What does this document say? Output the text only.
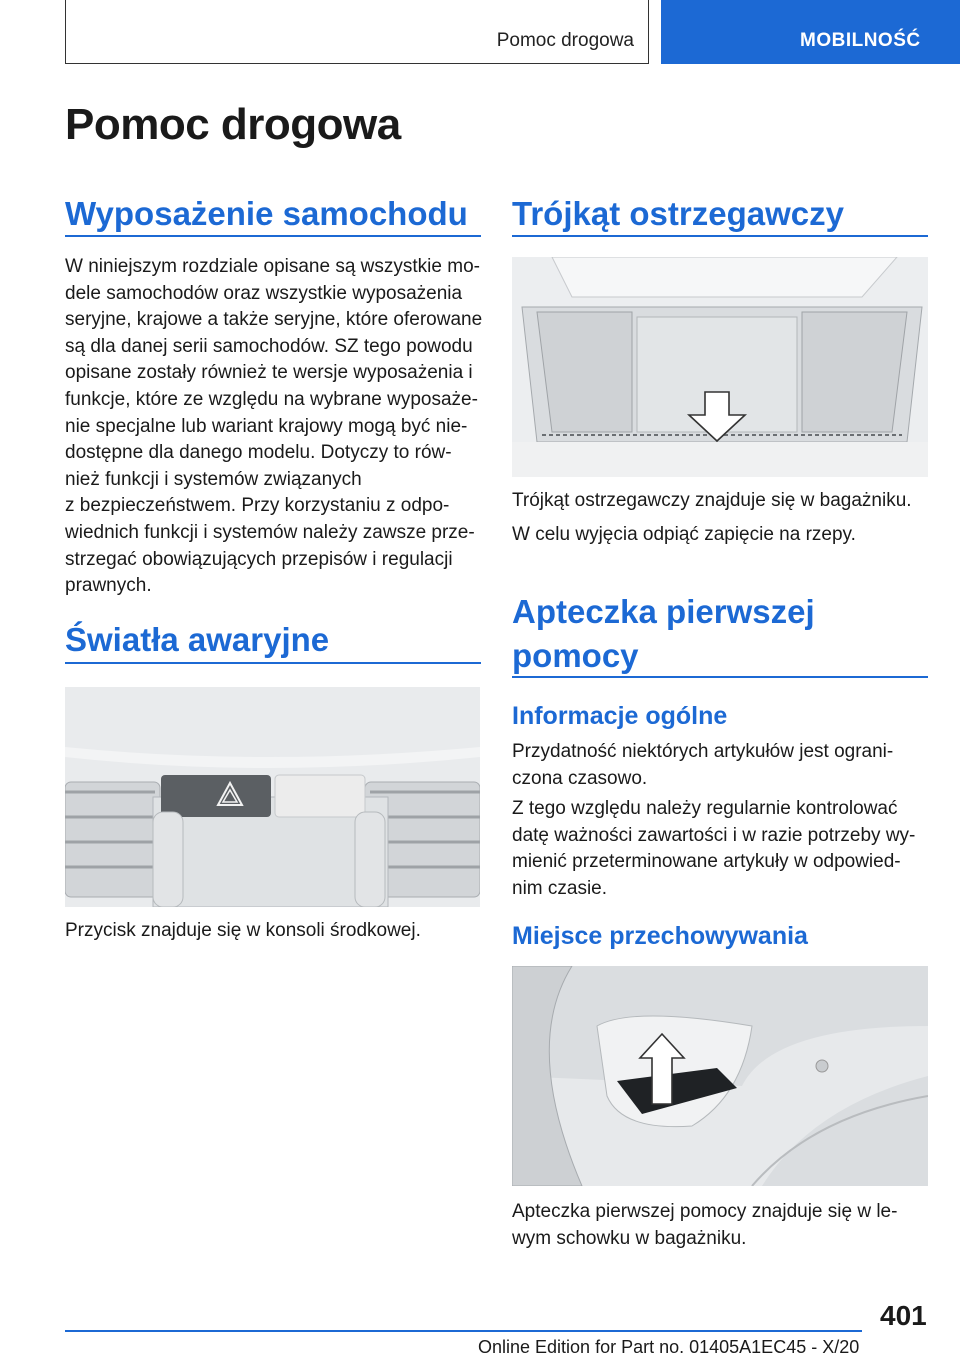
Pomoc drogowa	MOBILNOŚĆ
Pomoc drogowa
Wyposażenie samochodu
W niniejszym rozdziale opisane są wszystkie mo-
dele samochodów oraz wszystkie wyposażenia
seryjne, krajowe a także seryjne, które oferowane
są dla danej serii samochodów. SZ tego powodu
opisane zostały również te wersje wyposażenia i
funkcje, które ze względu na wybrane wyposaże-
nie specjalne lub wariant krajowy mogą być nie-
dostępne dla danego modelu. Dotyczy to rów-
nież funkcji i systemów związanych
z bezpieczeństwem. Przy korzystaniu z odpo-
wiednich funkcji i systemów należy zawsze prze-
strzegać obowiązujących przepisów i regulacji
prawnych.
Światła awaryjne
Przycisk znajduje się w konsoli środkowej.
Trójkąt ostrzegawczy
Trójkąt ostrzegawczy znajduje się w bagażniku.
W celu wyjęcia odpiąć zapięcie na rzepy.
Apteczka pierwszej
pomocy
Informacje ogólne
Przydatność niektórych artykułów jest ograni-
czona czasowo.
Z tego względu należy regularnie kontrolować
datę ważności zawartości i w razie potrzeby wy-
mienić przeterminowane artykuły w odpowied-
nim czasie.
Miejsce przechowywania
Apteczka pierwszej pomocy znajduje się w le-
wym schowku w bagażniku.
401
Online Edition for Part no. 01405A1EC45 - X/20
